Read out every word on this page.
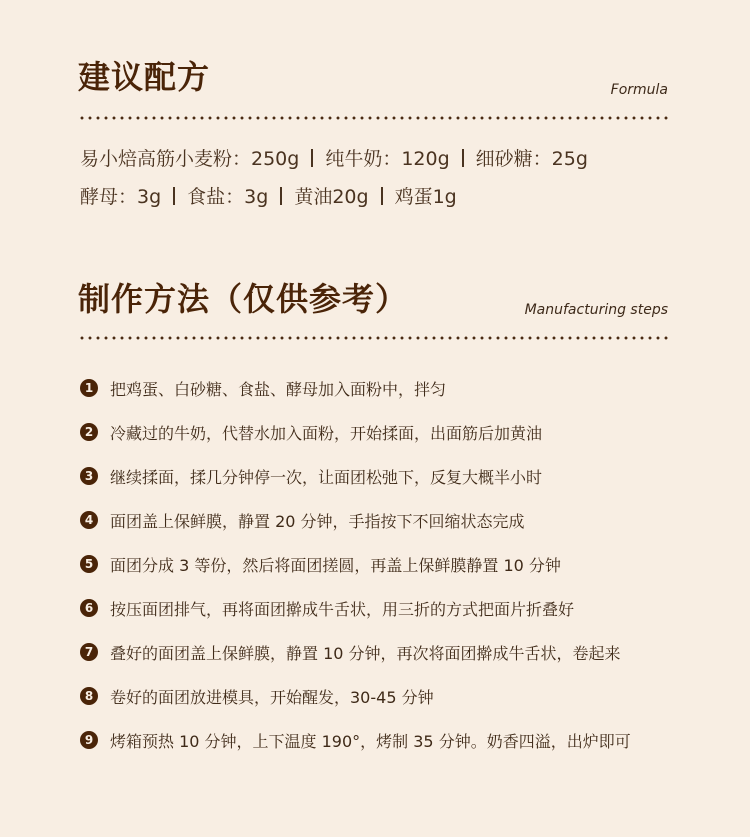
建议配方	Formula
易小焙高筋小麦粉：250g 纯牛奶：120g 细砂糖：25g
酵母：3g 食盐：3g 黄油20g 鸡蛋1g
制作方法（仅供参考）	Manufacturing steps
1	把鸡蛋、白砂糖、食盐、酵母加入面粉中，拌匀
2	冷藏过的牛奶，代替水加入面粉，开始揉面，出面筋后加黄油
3	继续揉面，揉几分钟停一次，让面团松弛下，反复大概半小时
4	面团盖上保鲜膜，静置 20 分钟，手指按下不回缩状态完成
5	面团分成 3 等份，然后将面团搓圆，再盖上保鲜膜静置 10 分钟
6	按压面团排气，再将面团擀成牛舌状，用三折的方式把面片折叠好
7	叠好的面团盖上保鲜膜，静置 10 分钟，再次将面团擀成牛舌状，卷起来
8	卷好的面团放进模具，开始醒发，30-45 分钟
9	烤箱预热 10 分钟，上下温度 190°，烤制 35 分钟。奶香四溢，出炉即可
